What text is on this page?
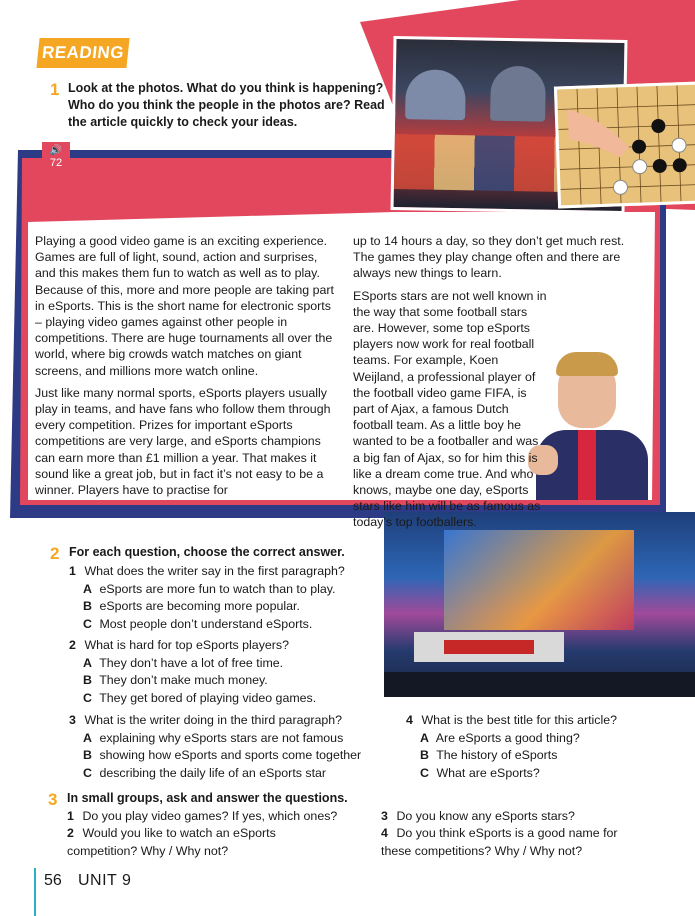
READING
1 Look at the photos. What do you think is happening? Who do you think the people in the photos are? Read the article quickly to check your ideas.
🔊
72

Playing a good video game is an exciting experience. Games are full of light, sound, action and surprises, and this makes them fun to watch as well as to play. Because of this, more and more people are taking part in eSports. This is the short name for electronic sports – playing video games against other people in competitions. There are huge tournaments all over the world, where big crowds watch matches on giant screens, and millions more watch online.

Just like many normal sports, eSports players usually play in teams, and have fans who follow them through every competition. Prizes for important eSports competitions are very large, and eSports champions can earn more than £1 million a year. That makes it sound like a great job, but in fact it’s not easy to be a winner. Players have to practise for

up to 14 hours a day, so they don’t get much rest. The games they play change often and there are always new things to learn.

ESports stars are not well known in the way that some football stars are. However, some top eSports players now work for real football teams. For example, Koen Weijland, a professional player of the football video game FIFA, is part of Ajax, a famous Dutch football team. As a little boy he wanted to be a footballer and was a big fan of Ajax, so for him this is like a dream come true. And who knows, maybe one day, eSports stars like him will be as famous as today’s top footballers.

2 For each question, choose the correct answer.
1 What does the writer say in the first paragraph?
A eSports are more fun to watch than to play.
B eSports are becoming more popular.
C Most people don’t understand eSports.
2 What is hard for top eSports players?
A They don’t have a lot of free time.
B They don’t make much money.
C They get bored of playing video games.
3 What is the writer doing in the third paragraph?
A explaining why eSports stars are not famous
B showing how eSports and sports come together
C describing the daily life of an eSports star
4 What is the best title for this article?
A Are eSports a good thing?
B The history of eSports
C What are eSports?
3 In small groups, ask and answer the questions.
1 Do you play video games? If yes, which ones?
2 Would you like to watch an eSports competition? Why / Why not?
3 Do you know any eSports stars?
4 Do you think eSports is a good name for these competitions? Why / Why not?
56 UNIT 9
